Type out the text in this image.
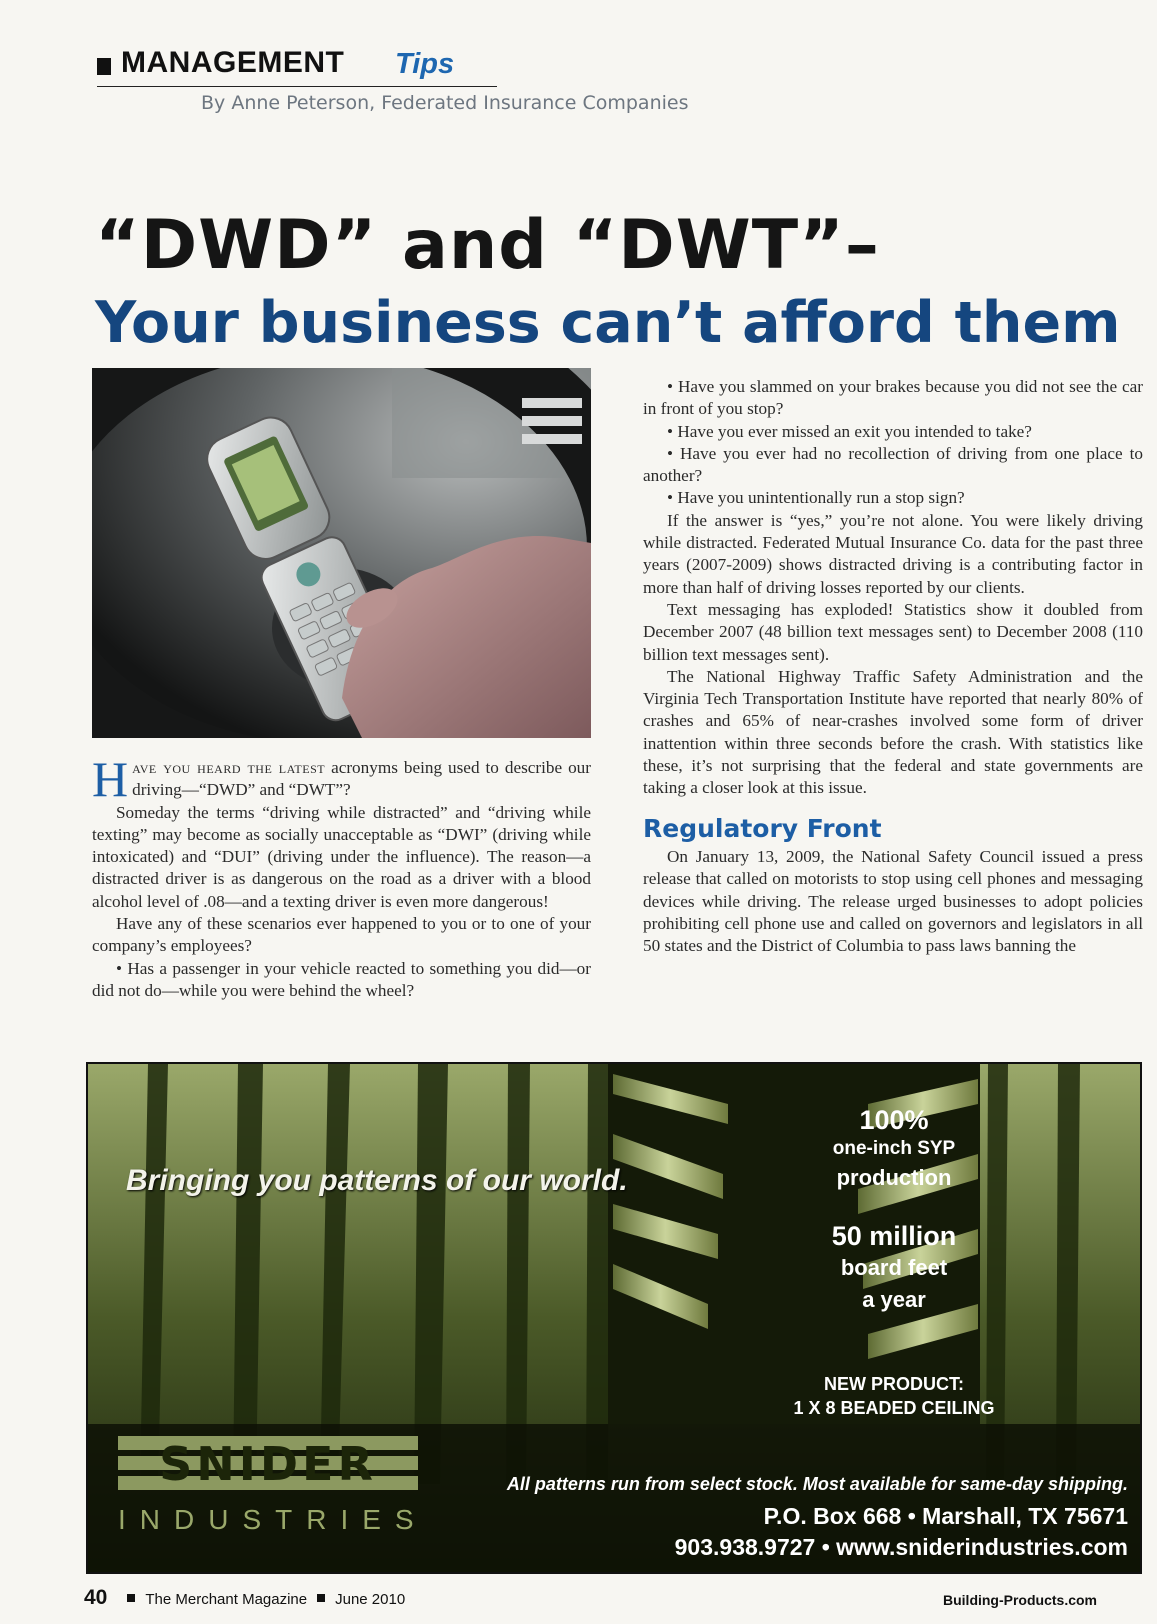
MANAGEMENT Tips
By Anne Peterson, Federated Insurance Companies
“DWD” and “DWT”–
Your business can’t afford them

Have you heard the latest acronyms being used to describe our driving—“DWD” and “DWT”?

Someday the terms “driving while distracted” and “driving while texting” may become as socially unacceptable as “DWI” (driving while intoxicated) and “DUI” (driving under the influence). The reason—a distracted driver is as dangerous on the road as a driver with a blood alcohol level of .08—and a texting driver is even more dangerous!

Have any of these scenarios ever happened to you or to one of your company’s employees?

• Has a passenger in your vehicle reacted to something you did—or did not do—while you were behind the wheel?

• Have you slammed on your brakes because you did not see the car in front of you stop?

• Have you ever missed an exit you intended to take?

• Have you ever had no recollection of driving from one place to another?

• Have you unintentionally run a stop sign?

If the answer is “yes,” you’re not alone. You were likely driving while distracted. Federated Mutual Insurance Co. data for the past three years (2007-2009) shows distracted driving is a contributing factor in more than half of driving losses reported by our clients.

Text messaging has exploded! Statistics show it doubled from December 2007 (48 billion text messages sent) to December 2008 (110 billion text messages sent).

The National Highway Traffic Safety Administration and the Virginia Tech Transportation Institute have reported that nearly 80% of crashes and 65% of near-crashes involved some form of driver inattention within three seconds before the crash. With statistics like these, it’s not surprising that the federal and state governments are taking a closer look at this issue.

Regulatory Front

On January 13, 2009, the National Safety Council issued a press release that called on motorists to stop using cell phones and messaging devices while driving. The release urged businesses to adopt policies prohibiting cell phone use and called on governors and legislators in all 50 states and the District of Columbia to pass laws banning the

Bringing you patterns of our world.
100%
one-inch SYP
production
50 million
board feet
a year
NEW PRODUCT:
1 X 8 BEADED CEILING
SNIDER
INDUSTRIES
All patterns run from select stock. Most available for same-day shipping.
P.O. Box 668 • Marshall, TX 75671
903.938.9727 • www.sniderindustries.com
40	The Merchant Magazine June 2010	Building-Products.com
